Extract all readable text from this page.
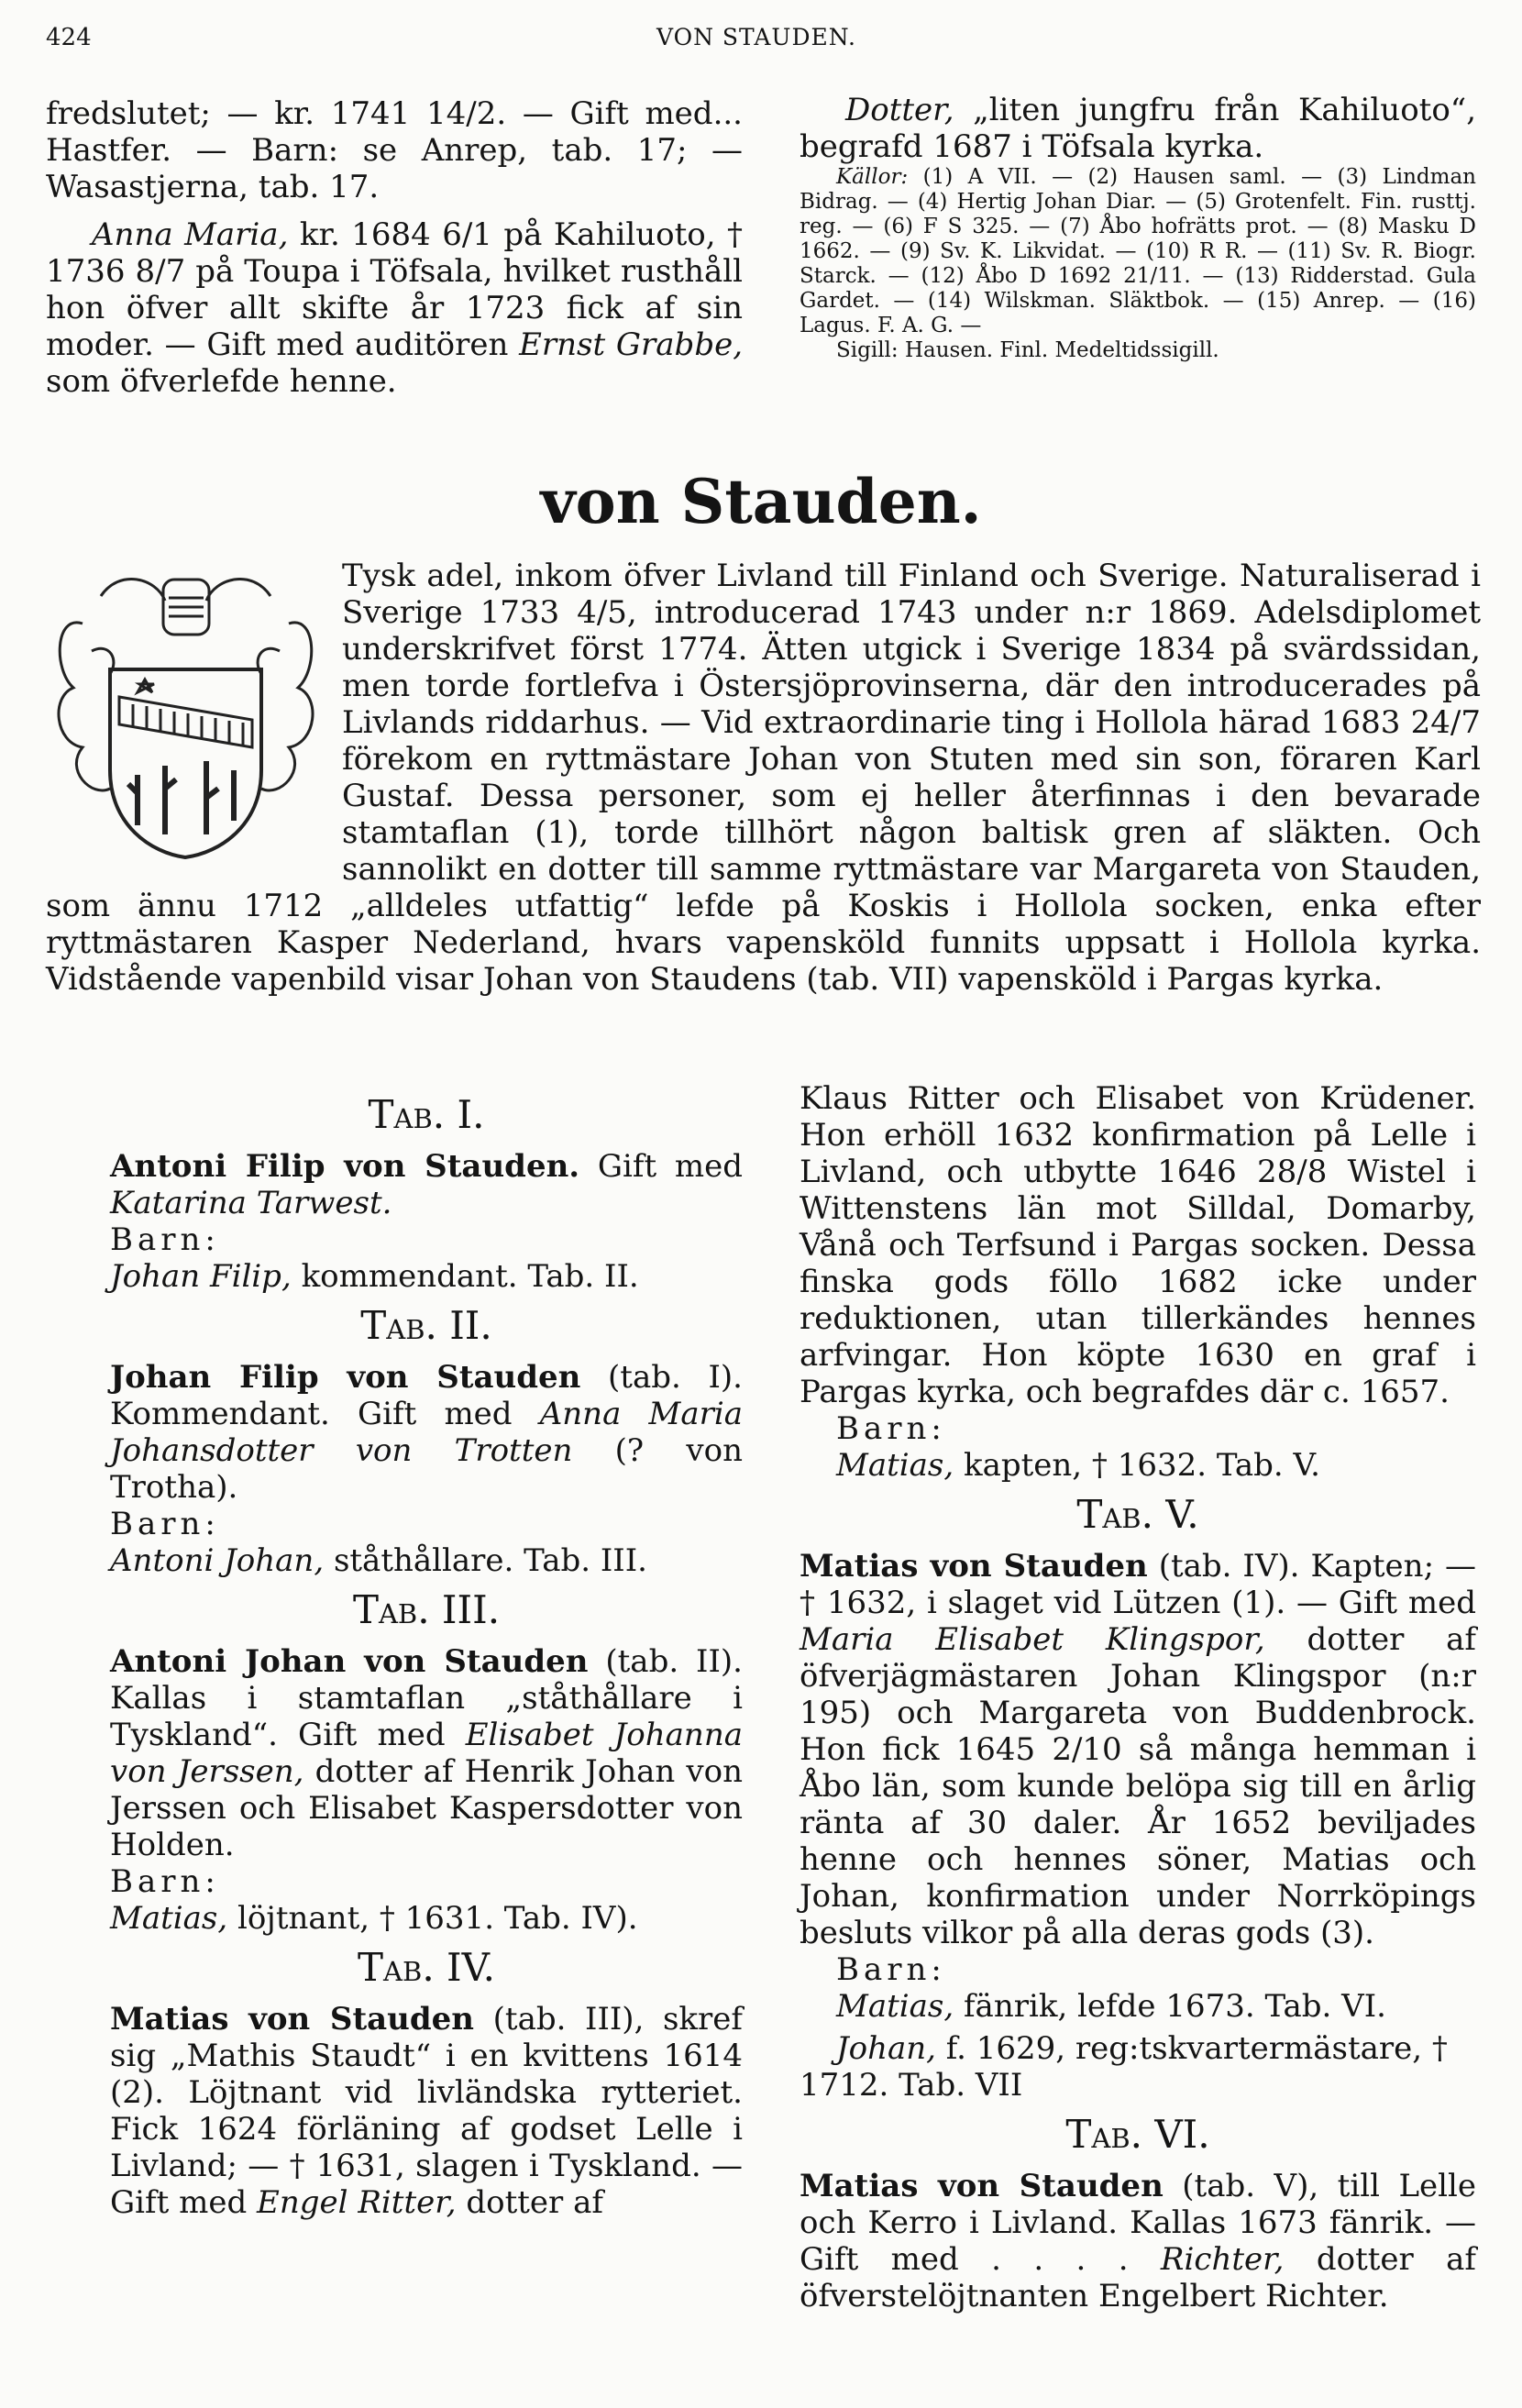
424	VON STAUDEN.

fredslutet; — kr. 1741 14/2. — Gift med... Hastfer. — Barn: se Anrep, tab. 17; — Wasastjerna, tab. 17.

Anna Maria, kr. 1684 6/1 på Kahiluoto, † 1736 8/7 på Toupa i Töfsala, hvilket rusthåll hon öfver allt skifte år 1723 fick af sin moder. — Gift med auditören Ernst Grabbe, som öfverlefde henne.

Dotter, „liten jungfru från Kahiluoto“, begrafd 1687 i Töfsala kyrka.

Källor: (1) A VII. — (2) Hausen saml. — (3) Lindman Bidrag. — (4) Hertig Johan Diar. — (5) Grotenfelt. Fin. rusttj. reg. — (6) F S 325. — (7) Åbo hofrätts prot. — (8) Masku D 1662. — (9) Sv. K. Likvidat. — (10) R R. — (11) Sv. R. Biogr. Starck. — (12) Åbo D 1692 21/11. — (13) Ridderstad. Gula Gardet. — (14) Wilskman. Släktbok. — (15) Anrep. — (16) Lagus. F. A. G. —

Sigill: Hausen. Finl. Medeltidssigill.

von Stauden.
Tysk adel, inkom öfver Livland till Finland och Sverige. Naturaliserad i Sverige 1733 4/5, introducerad 1743 under n:r 1869. Adelsdiplomet underskrifvet först 1774. Ätten utgick i Sverige 1834 på svärdssidan, men torde fortlefva i Östersjöprovinserna, där den introducerades på Livlands riddarhus. — Vid extraordinarie ting i Hollola härad 1683 24/7 förekom en ryttmästare Johan von Stuten med sin son, föraren Karl Gustaf. Dessa personer, som ej heller återfinnas i den bevarade stamtaflan (1), torde tillhört någon baltisk gren af släkten. Och sannolikt en dotter till samme ryttmästare var Margareta von Stauden, som ännu 1712 „alldeles utfattig“ lefde på Koskis i Hollola socken, enka efter ryttmästaren Kasper Nederland, hvars vapensköld funnits uppsatt i Hollola kyrka. Vidstående vapenbild visar Johan von Staudens (tab. VII) vapensköld i Pargas kyrka.
Tab. I.

Antoni Filip von Stauden. Gift med Katarina Tarwest.

Barn:

Johan Filip, kommendant. Tab. II.

Tab. II.

Johan Filip von Stauden (tab. I). Kommendant. Gift med Anna Maria Johansdotter von Trotten (? von Trotha).

Barn:

Antoni Johan, ståthållare. Tab. III.

Tab. III.

Antoni Johan von Stauden (tab. II). Kallas i stamtaflan „ståthållare i Tyskland“. Gift med Elisabet Johanna von Jerssen, dotter af Henrik Johan von Jerssen och Elisabet Kaspersdotter von Holden.

Barn:

Matias, löjtnant, † 1631. Tab. IV).

Tab. IV.

Matias von Stauden (tab. III), skref sig „Mathis Staudt“ i en kvittens 1614 (2). Löjtnant vid livländska rytteriet. Fick 1624 förläning af godset Lelle i Livland; — † 1631, slagen i Tyskland. — Gift med Engel Ritter, dotter af

Klaus Ritter och Elisabet von Krüdener. Hon erhöll 1632 konfirmation på Lelle i Livland, och utbytte 1646 28/8 Wistel i Wittenstens län mot Silldal, Domarby, Vånå och Terfsund i Pargas socken. Dessa finska gods föllo 1682 icke under reduktionen, utan tillerkändes hennes arfvingar. Hon köpte 1630 en graf i Pargas kyrka, och begrafdes där c. 1657.

Barn:

Matias, kapten, † 1632. Tab. V.

Tab. V.

Matias von Stauden (tab. IV). Kapten; — † 1632, i slaget vid Lützen (1). — Gift med Maria Elisabet Klingspor, dotter af öfverjägmästaren Johan Klingspor (n:r 195) och Margareta von Buddenbrock. Hon fick 1645 2/10 så många hemman i Åbo län, som kunde belöpa sig till en årlig ränta af 30 daler. År 1652 beviljades henne och hennes söner, Matias och Johan, konfirmation under Norrköpings besluts vilkor på alla deras gods (3).

Barn:

Matias, fänrik, lefde 1673. Tab. VI.

Johan, f. 1629, reg:tskvartermästare, † 1712. Tab. VII

Tab. VI.

Matias von Stauden (tab. V), till Lelle och Kerro i Livland. Kallas 1673 fänrik. — Gift med . . . . Richter, dotter af öfverstelöjtnanten Engelbert Richter.
